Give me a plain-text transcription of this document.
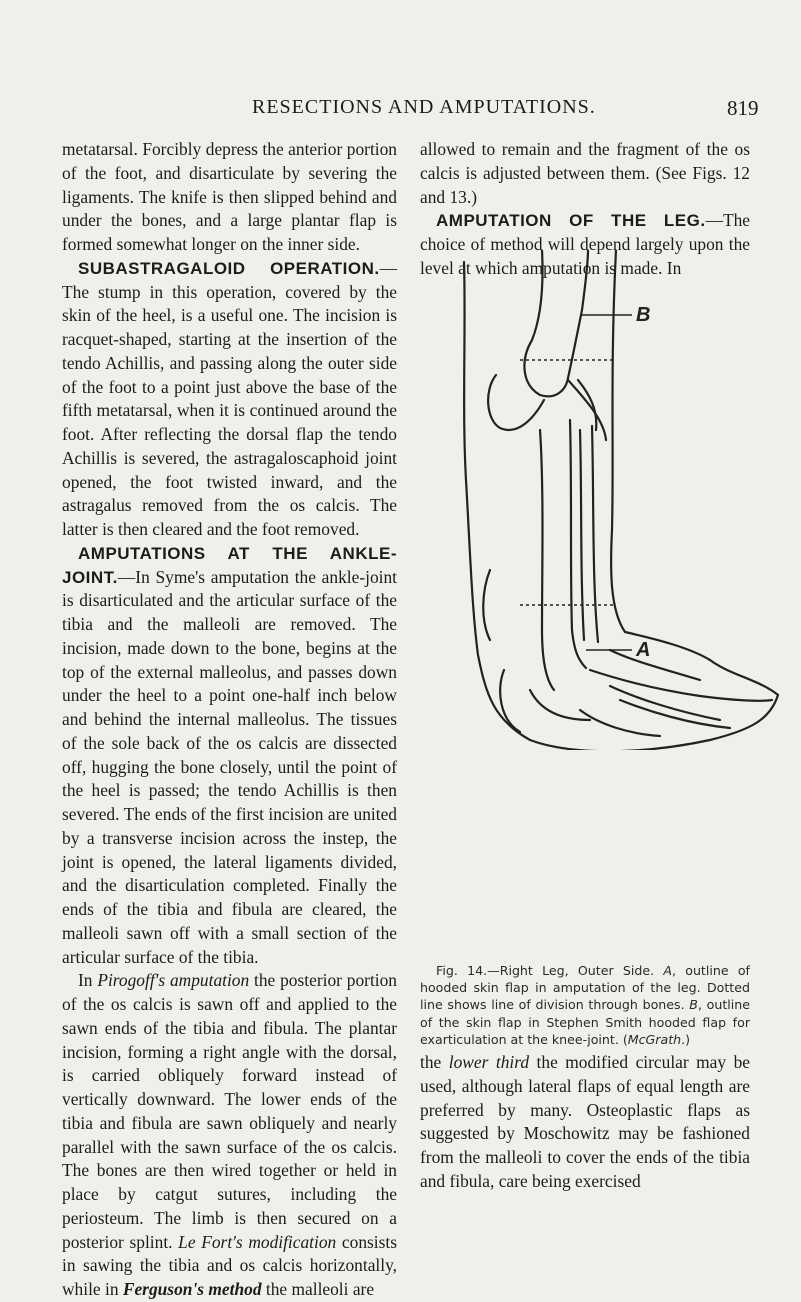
RESECTIONS AND AMPUTATIONS.	819

metatarsal. Forcibly depress the anterior portion of the foot, and disarticulate by severing the ligaments. The knife is then slipped behind and under the bones, and a large plantar flap is formed somewhat longer on the inner side.

SUBASTRAGALOID OPERATION.—The stump in this operation, covered by the skin of the heel, is a useful one. The incision is racquet-shaped, starting at the insertion of the tendo Achillis, and passing along the outer side of the foot to a point just above the base of the fifth metatarsal, when it is continued around the foot. After reflecting the dorsal flap the tendo Achillis is severed, the astragaloscaphoid joint opened, the foot twisted inward, and the astragalus removed from the os calcis. The latter is then cleared and the foot removed.

AMPUTATIONS AT THE ANKLE-JOINT.—In Syme's amputation the ankle-joint is disarticulated and the articular surface of the tibia and the malleoli are removed. The incision, made down to the bone, begins at the top of the external malleolus, and passes down under the heel to a point one-half inch below and behind the internal malleolus. The tissues of the sole back of the os calcis are dissected off, hugging the bone closely, until the point of the heel is passed; the tendo Achillis is then severed. The ends of the first incision are united by a transverse incision across the instep, the joint is opened, the lateral ligaments divided, and the disarticulation completed. Finally the ends of the tibia and fibula are cleared, the malleoli sawn off with a small section of the articular surface of the tibia.

In Pirogoff's amputation the posterior portion of the os calcis is sawn off and applied to the sawn ends of the tibia and fibula. The plantar incision, forming a right angle with the dorsal, is carried obliquely forward instead of vertically downward. The lower ends of the tibia and fibula are sawn obliquely and nearly parallel with the sawn surface of the os calcis. The bones are then wired together or held in place by catgut sutures, including the periosteum. The limb is then secured on a posterior splint. Le Fort's modification consists in sawing the tibia and os calcis horizontally, while in Ferguson's method the malleoli are

allowed to remain and the fragment of the os calcis is adjusted between them. (See Figs. 12 and 13.)

AMPUTATION OF THE LEG.—The choice of method will depend largely upon the level at which amputation is made. In

B
A

Fig. 14.—Right Leg, Outer Side. A, outline of hooded skin flap in amputation of the leg. Dotted line shows line of division through bones. B, outline of the skin flap in Stephen Smith hooded flap for exarticulation at the knee-joint. (McGrath.)

the lower third the modified circular may be used, although lateral flaps of equal length are preferred by many. Osteoplastic flaps as suggested by Moschowitz may be fashioned from the malleoli to cover the ends of the tibia and fibula, care being exercised
